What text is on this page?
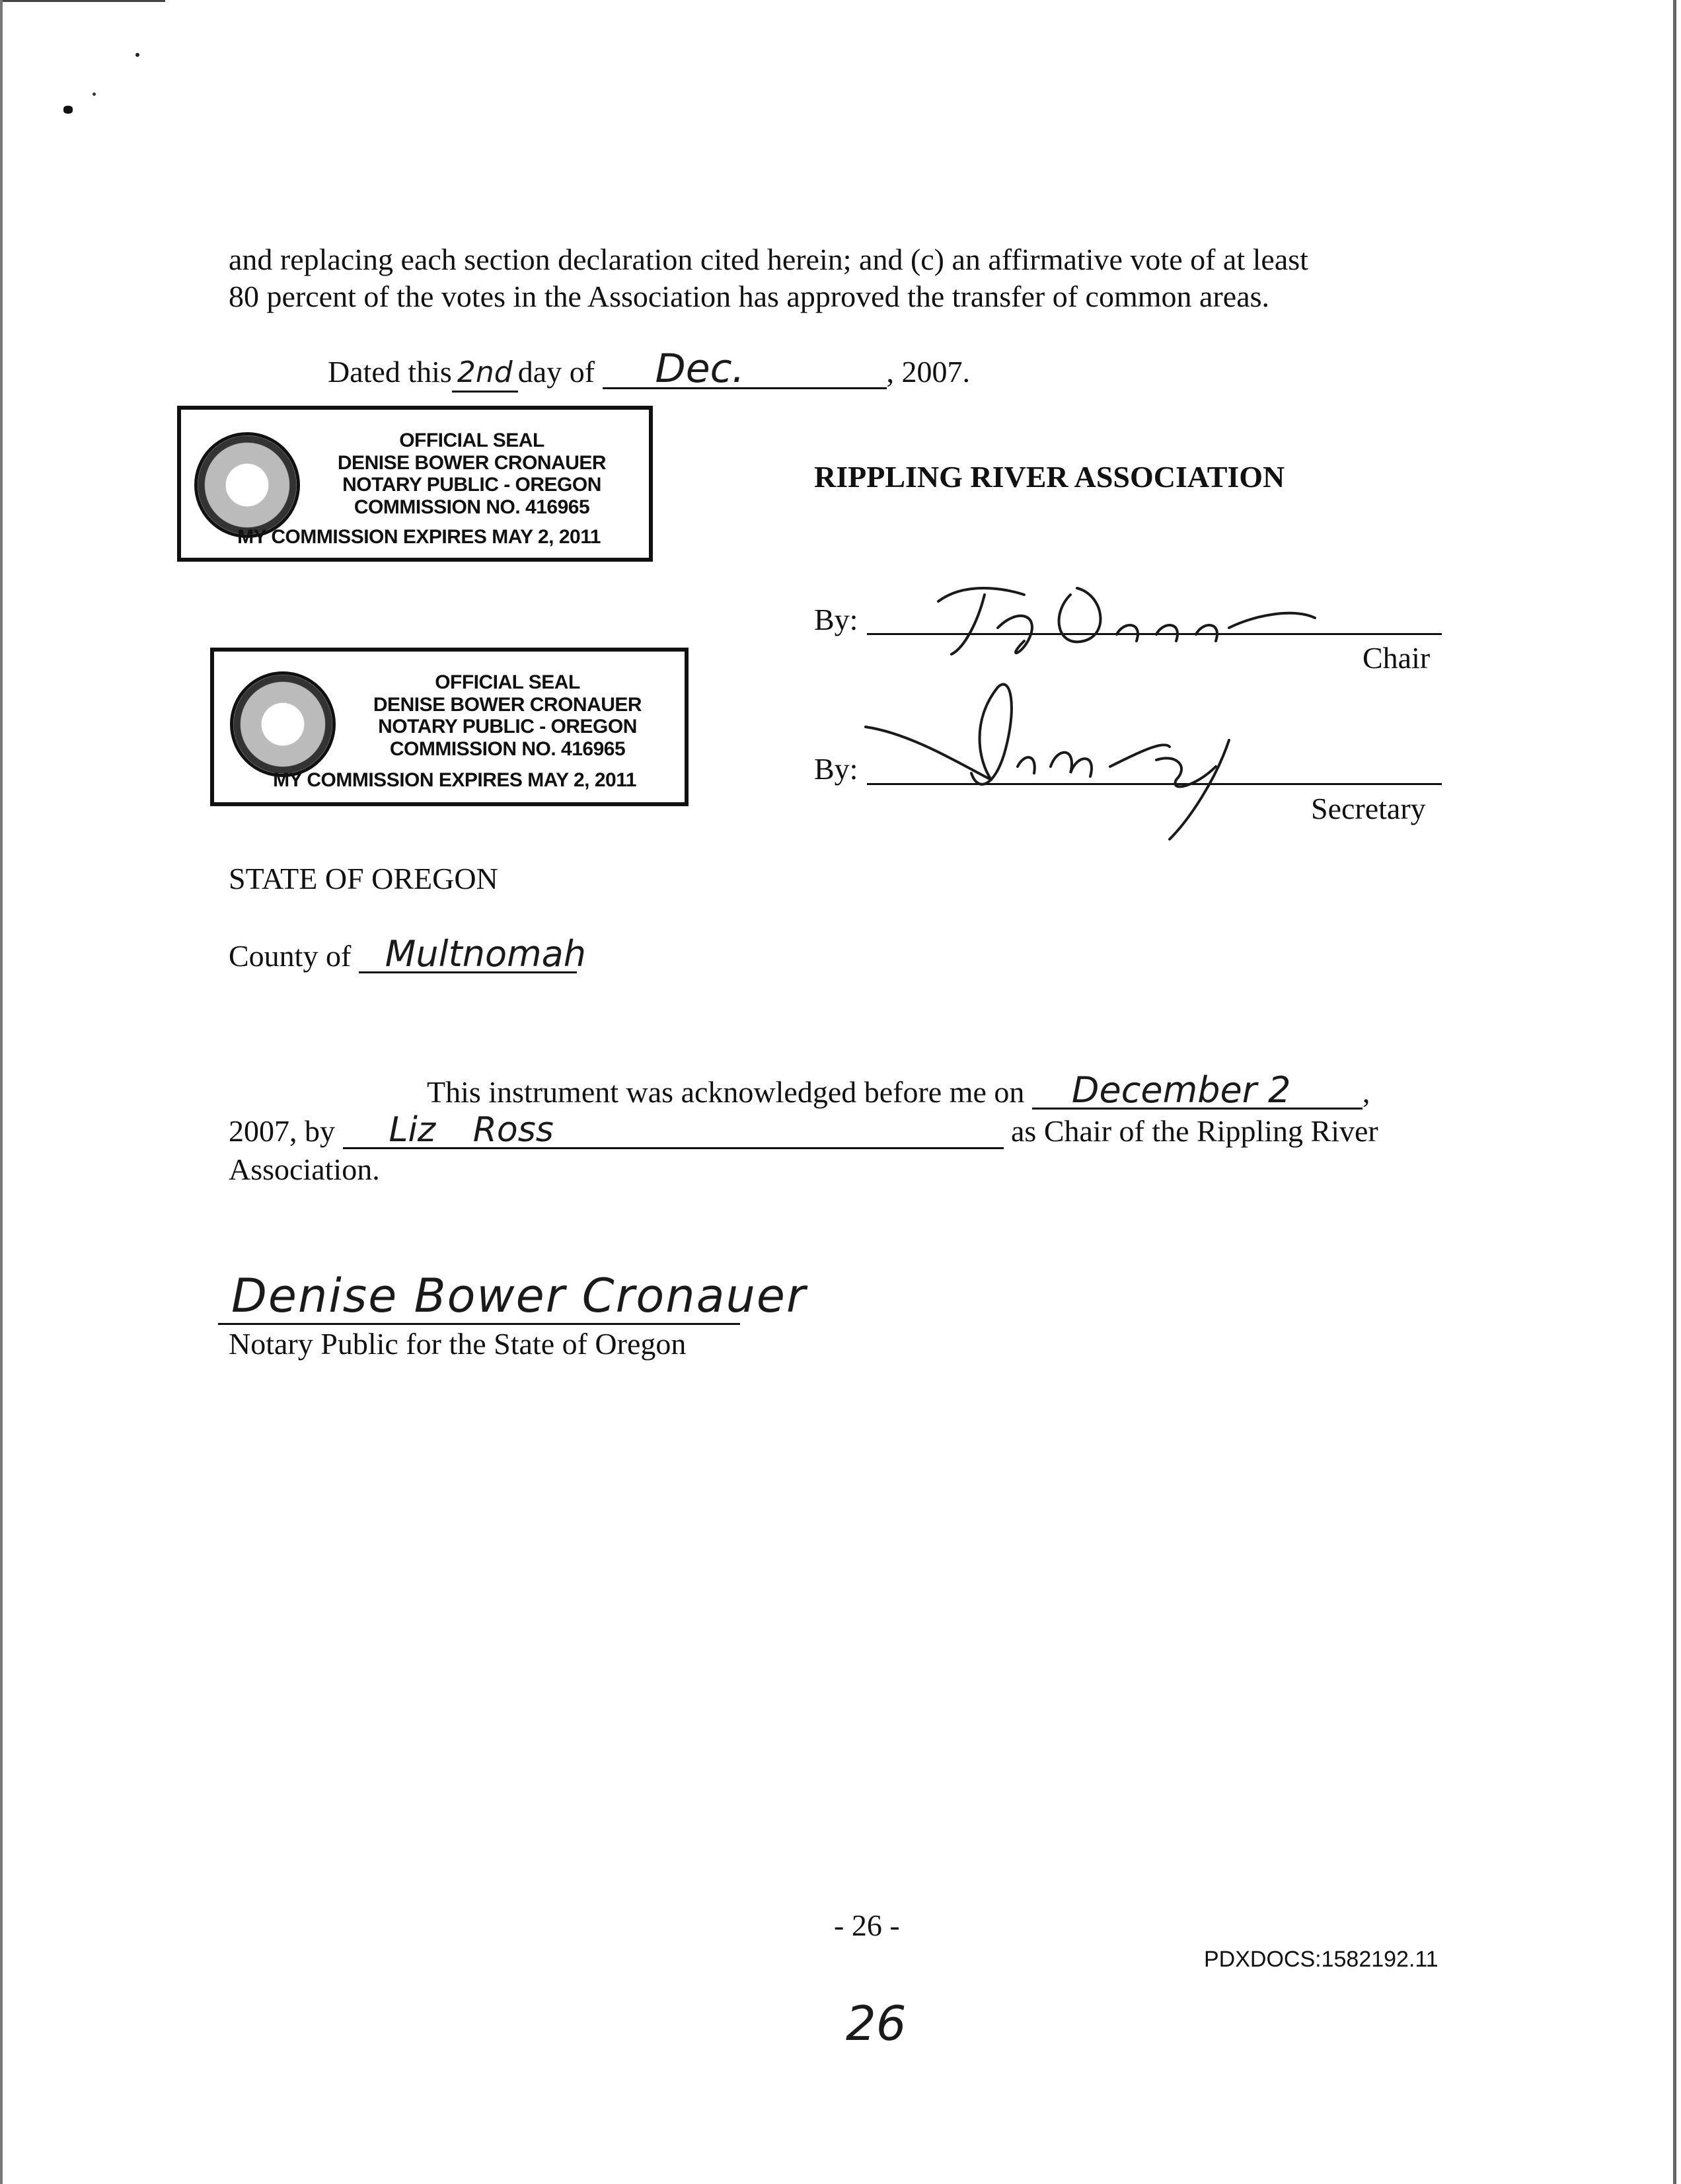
and replacing each section declaration cited herein; and (c) an affirmative vote of at least
80 percent of the votes in the Association has approved the transfer of common areas.
Dated this 2nd day of Dec.	, 2007.
OFFICIAL SEAL
DENISE BOWER CRONAUER
NOTARY PUBLIC - OREGON
COMMISSION NO. 416965
MY COMMISSION EXPIRES MAY 2, 2011
OFFICIAL SEAL
DENISE BOWER CRONAUER
NOTARY PUBLIC - OREGON
COMMISSION NO. 416965
MY COMMISSION EXPIRES MAY 2, 2011
RIPPLING RIVER ASSOCIATION
By:
Chair
By:
Secretary
STATE OF OREGON
County of Multnomah
This instrument was acknowledged before me on December 2 ,
2007, by Liz Ross	as Chair of the Rippling River
Association.
Denise Bower Cronauer
Notary Public for the State of Oregon
- 26 -
PDXDOCS:1582192.11
26
